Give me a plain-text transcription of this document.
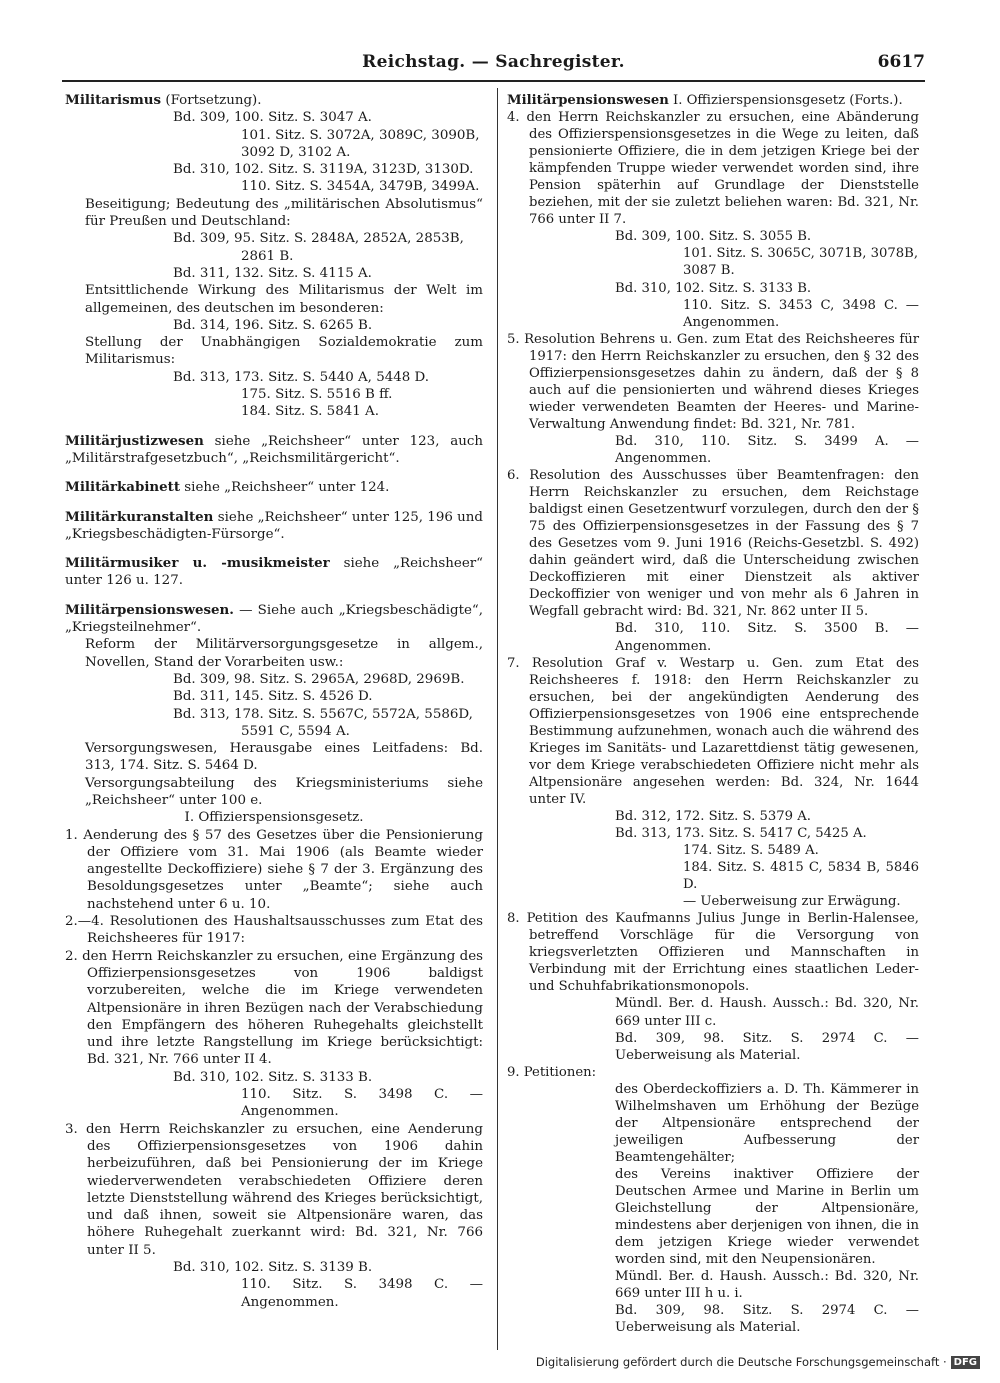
Reichstag. — Sachregister.	6617

Militarismus (Fortsetzung).

Bd. 309, 100. Sitz. S. 3047 A.

101. Sitz. S. 3072A, 3089C, 3090B,

3092 D, 3102 A.

Bd. 310, 102. Sitz. S. 3119A, 3123D, 3130D.

110. Sitz. S. 3454A, 3479B, 3499A.

Beseitigung; Bedeutung des „militärischen Absolutismus“ für Preußen und Deutschland:

Bd. 309, 95. Sitz. S. 2848A, 2852A, 2853B,

2861 B.

Bd. 311, 132. Sitz. S. 4115 A.

Entsittlichende Wirkung des Militarismus der Welt im allgemeinen, des deutschen im besonderen:

Bd. 314, 196. Sitz. S. 6265 B.

Stellung der Unabhängigen Sozialdemokratie zum Militarismus:

Bd. 313, 173. Sitz. S. 5440 A, 5448 D.

175. Sitz. S. 5516 B ff.

184. Sitz. S. 5841 A.

Militärjustizwesen siehe „Reichsheer“ unter 123, auch „Militärstrafgesetzbuch“, „Reichsmilitärgericht“.

Militärkabinett siehe „Reichsheer“ unter 124.

Militärkuranstalten siehe „Reichsheer“ unter 125, 196 und „Kriegsbeschädigten-Fürsorge“.

Militärmusiker u. -musikmeister siehe „Reichsheer“ unter 126 u. 127.

Militärpensionswesen. — Siehe auch „Kriegsbeschädigte“, „Kriegsteilnehmer“.

Reform der Militärversorgungsgesetze in allgem., Novellen, Stand der Vorarbeiten usw.:

Bd. 309, 98. Sitz. S. 2965A, 2968D, 2969B.

Bd. 311, 145. Sitz. S. 4526 D.

Bd. 313, 178. Sitz. S. 5567C, 5572A, 5586D,

5591 C, 5594 A.

Versorgungswesen, Herausgabe eines Leitfadens: Bd. 313, 174. Sitz. S. 5464 D.

Versorgungsabteilung des Kriegsministeriums siehe „Reichsheer“ unter 100 e.

I. Offizierspensionsgesetz.

1. Aenderung des § 57 des Gesetzes über die Pensionierung der Offiziere vom 31. Mai 1906 (als Beamte wieder angestellte Deckoffiziere) siehe § 7 der 3. Ergänzung des Besoldungsgesetzes unter „Beamte“; siehe auch nachstehend unter 6 u. 10.

2.—4. Resolutionen des Haushaltsausschusses zum Etat des Reichsheeres für 1917:

2. den Herrn Reichskanzler zu ersuchen, eine Ergänzung des Offizierpensionsgesetzes von 1906 baldigst vorzubereiten, welche die im Kriege verwendeten Altpensionäre in ihren Bezügen nach der Verabschiedung den Empfängern des höheren Ruhegehalts gleichstellt und ihre letzte Rangstellung im Kriege berücksichtigt: Bd. 321, Nr. 766 unter II 4.

Bd. 310, 102. Sitz. S. 3133 B.

110. Sitz. S. 3498 C. — Angenommen.

3. den Herrn Reichskanzler zu ersuchen, eine Aenderung des Offizierpensionsgesetzes von 1906 dahin herbeizuführen, daß bei Pensionierung der im Kriege wiederverwendeten verabschiedeten Offiziere deren letzte Dienststellung während des Krieges berücksichtigt, und daß ihnen, soweit sie Altpensionäre waren, das höhere Ruhegehalt zuerkannt wird: Bd. 321, Nr. 766 unter II 5.

Bd. 310, 102. Sitz. S. 3139 B.

110. Sitz. S. 3498 C. — Angenommen.

Militärpensionswesen I. Offizierspensionsgesetz (Forts.).

4. den Herrn Reichskanzler zu ersuchen, eine Abänderung des Offizierspensionsgesetzes in die Wege zu leiten, daß pensionierte Offiziere, die in dem jetzigen Kriege bei der kämpfenden Truppe wieder verwendet worden sind, ihre Pension späterhin auf Grundlage der Dienststelle beziehen, mit der sie zuletzt beliehen waren: Bd. 321, Nr. 766 unter II 7.

Bd. 309, 100. Sitz. S. 3055 B.

101. Sitz. S. 3065C, 3071B, 3078B,

3087 B.

Bd. 310, 102. Sitz. S. 3133 B.

110. Sitz. S. 3453 C, 3498 C. — Angenommen.

5. Resolution Behrens u. Gen. zum Etat des Reichsheeres für 1917: den Herrn Reichskanzler zu ersuchen, den § 32 des Offizierpensionsgesetzes dahin zu ändern, daß der § 8 auch auf die pensionierten und während dieses Krieges wieder verwendeten Beamten der Heeres- und Marine-Verwaltung Anwendung findet: Bd. 321, Nr. 781.

Bd. 310, 110. Sitz. S. 3499 A. — Angenommen.

6. Resolution des Ausschusses über Beamtenfragen: den Herrn Reichskanzler zu ersuchen, dem Reichstage baldigst einen Gesetzentwurf vorzulegen, durch den der § 75 des Offizierpensionsgesetzes in der Fassung des § 7 des Gesetzes vom 9. Juni 1916 (Reichs-Gesetzbl. S. 492) dahin geändert wird, daß die Unterscheidung zwischen Deckoffizieren mit einer Dienstzeit als aktiver Deckoffizier von weniger und von mehr als 6 Jahren in Wegfall gebracht wird: Bd. 321, Nr. 862 unter II 5.

Bd. 310, 110. Sitz. S. 3500 B. — Angenommen.

7. Resolution Graf v. Westarp u. Gen. zum Etat des Reichsheeres f. 1918: den Herrn Reichskanzler zu ersuchen, bei der angekündigten Aenderung des Offizierpensionsgesetzes von 1906 eine entsprechende Bestimmung aufzunehmen, wonach auch die während des Krieges im Sanitäts- und Lazarettdienst tätig gewesenen, vor dem Kriege verabschiedeten Offiziere nicht mehr als Altpensionäre angesehen werden: Bd. 324, Nr. 1644 unter IV.

Bd. 312, 172. Sitz. S. 5379 A.

Bd. 313, 173. Sitz. S. 5417 C, 5425 A.

174. Sitz. S. 5489 A.

184. Sitz. S. 4815 C, 5834 B, 5846 D.

— Ueberweisung zur Erwägung.

8. Petition des Kaufmanns Julius Junge in Berlin-Halensee, betreffend Vorschläge für die Versorgung von kriegsverletzten Offizieren und Mannschaften in Verbindung mit der Errichtung eines staatlichen Leder- und Schuhfabrikationsmonopols.

Mündl. Ber. d. Haush. Aussch.: Bd. 320, Nr. 669 unter III c.

Bd. 309, 98. Sitz. S. 2974 C. — Ueberweisung als Material.

9. Petitionen:

des Oberdeckoffiziers a. D. Th. Kämmerer in Wilhelmshaven um Erhöhung der Bezüge der Altpensionäre entsprechend der jeweiligen Aufbesserung der Beamtengehälter;

des Vereins inaktiver Offiziere der Deutschen Armee und Marine in Berlin um Gleichstellung der Altpensionäre, mindestens aber derjenigen von ihnen, die in dem jetzigen Kriege wieder verwendet worden sind, mit den Neupensionären.

Mündl. Ber. d. Haush. Aussch.: Bd. 320, Nr. 669 unter III h u. i.

Bd. 309, 98. Sitz. S. 2974 C. — Ueberweisung als Material.

Digitalisierung gefördert durch die Deutsche Forschungsgemeinschaft · DFG
